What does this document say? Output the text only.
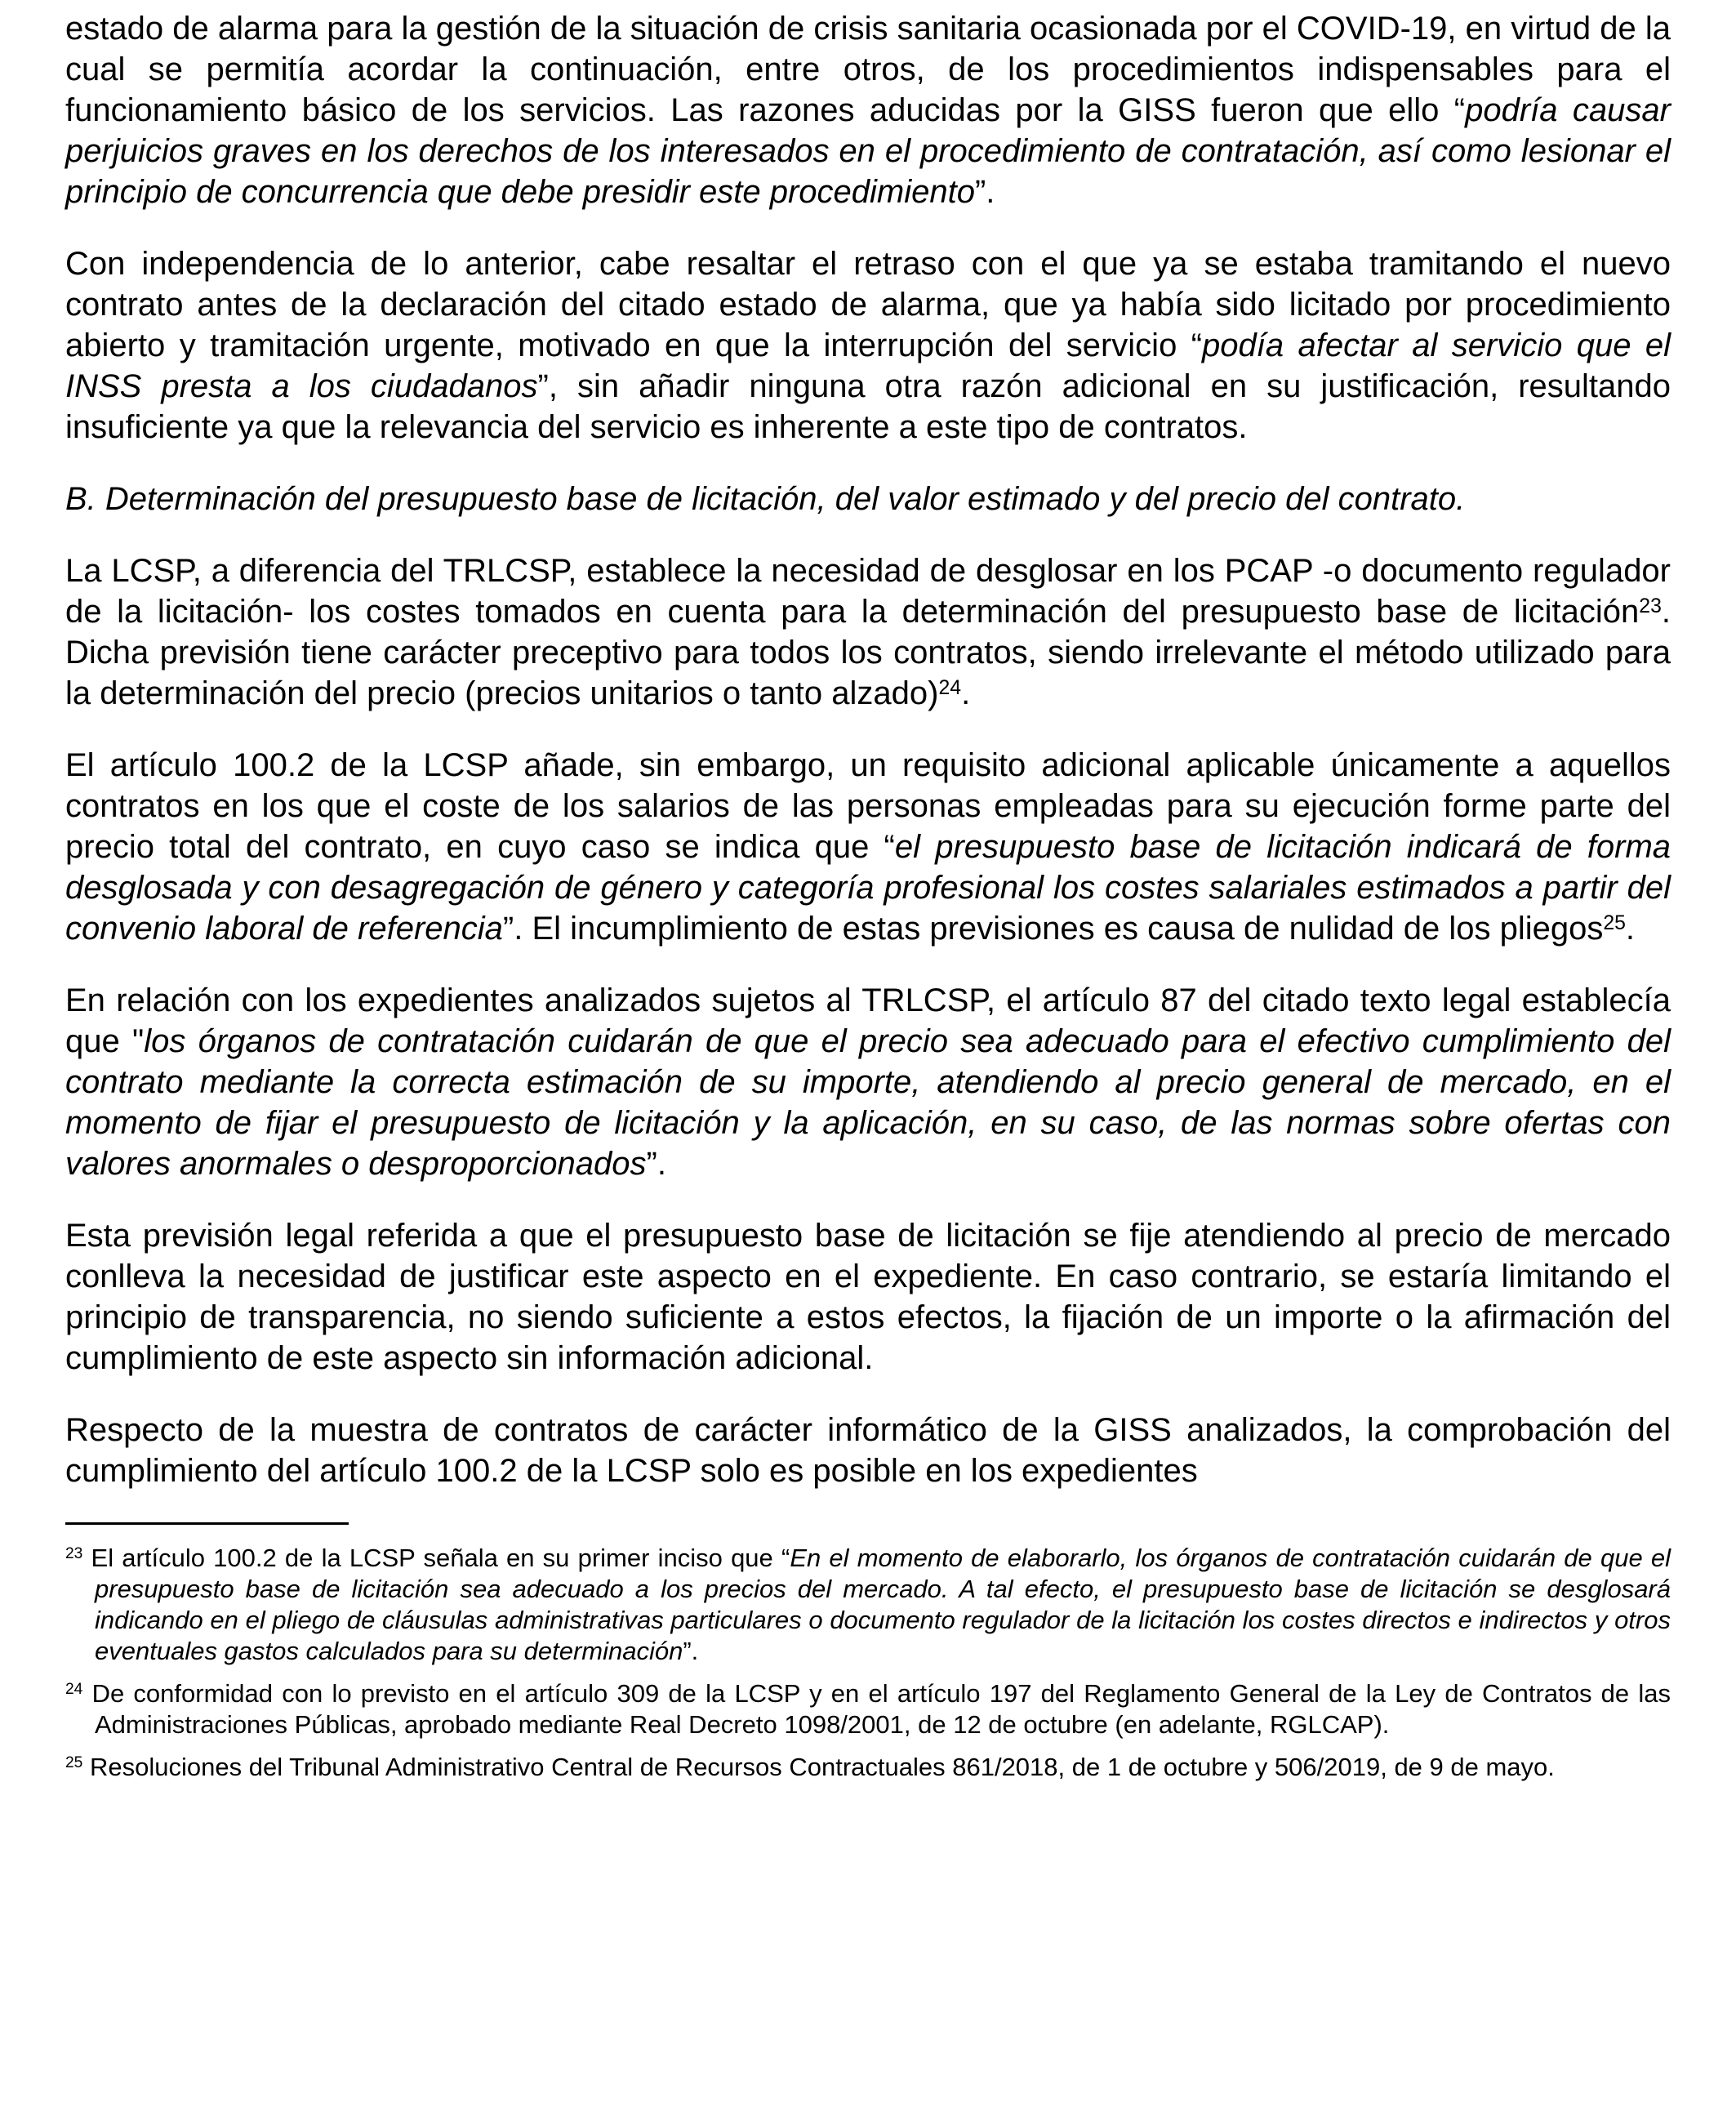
estado de alarma para la gestión de la situación de crisis sanitaria ocasionada por el COVID-19, en virtud de la cual se permitía acordar la continuación, entre otros, de los procedimientos indispensables para el funcionamiento básico de los servicios. Las razones aducidas por la GISS fueron que ello “podría causar perjuicios graves en los derechos de los interesados en el procedimiento de contratación, así como lesionar el principio de concurrencia que debe presidir este procedimiento”.

Con independencia de lo anterior, cabe resaltar el retraso con el que ya se estaba tramitando el nuevo contrato antes de la declaración del citado estado de alarma, que ya había sido licitado por procedimiento abierto y tramitación urgente, motivado en que la interrupción del servicio “podía afectar al servicio que el INSS presta a los ciudadanos”, sin añadir ninguna otra razón adicional en su justificación, resultando insuficiente ya que la relevancia del servicio es inherente a este tipo de contratos.

B. Determinación del presupuesto base de licitación, del valor estimado y del precio del contrato.

La LCSP, a diferencia del TRLCSP, establece la necesidad de desglosar en los PCAP -o documento regulador de la licitación- los costes tomados en cuenta para la determinación del presupuesto base de licitación$^{23}$. Dicha previsión tiene carácter preceptivo para todos los contratos, siendo irrelevante el método utilizado para la determinación del precio (precios unitarios o tanto alzado)$^{24}$.

El artículo 100.2 de la LCSP añade, sin embargo, un requisito adicional aplicable únicamente a aquellos contratos en los que el coste de los salarios de las personas empleadas para su ejecución forme parte del precio total del contrato, en cuyo caso se indica que “el presupuesto base de licitación indicará de forma desglosada y con desagregación de género y categoría profesional los costes salariales estimados a partir del convenio laboral de referencia”. El incumplimiento de estas previsiones es causa de nulidad de los pliegos$^{25}$.

En relación con los expedientes analizados sujetos al TRLCSP, el artículo 87 del citado texto legal establecía que "los órganos de contratación cuidarán de que el precio sea adecuado para el efectivo cumplimiento del contrato mediante la correcta estimación de su importe, atendiendo al precio general de mercado, en el momento de fijar el presupuesto de licitación y la aplicación, en su caso, de las normas sobre ofertas con valores anormales o desproporcionados”.

Esta previsión legal referida a que el presupuesto base de licitación se fije atendiendo al precio de mercado conlleva la necesidad de justificar este aspecto en el expediente. En caso contrario, se estaría limitando el principio de transparencia, no siendo suficiente a estos efectos, la fijación de un importe o la afirmación del cumplimiento de este aspecto sin información adicional.

Respecto de la muestra de contratos de carácter informático de la GISS analizados, la comprobación del cumplimiento del artículo 100.2 de la LCSP solo es posible en los expedientes

$^{23}$ El artículo 100.2 de la LCSP señala en su primer inciso que “En el momento de elaborarlo, los órganos de contratación cuidarán de que el presupuesto base de licitación sea adecuado a los precios del mercado. A tal efecto, el presupuesto base de licitación se desglosará indicando en el pliego de cláusulas administrativas particulares o documento regulador de la licitación los costes directos e indirectos y otros eventuales gastos calculados para su determinación”.

$^{24}$ De conformidad con lo previsto en el artículo 309 de la LCSP y en el artículo 197 del Reglamento General de la Ley de Contratos de las Administraciones Públicas, aprobado mediante Real Decreto 1098/2001, de 12 de octubre (en adelante, RGLCAP).

$^{25}$ Resoluciones del Tribunal Administrativo Central de Recursos Contractuales 861/2018, de 1 de octubre y 506/2019, de 9 de mayo.
